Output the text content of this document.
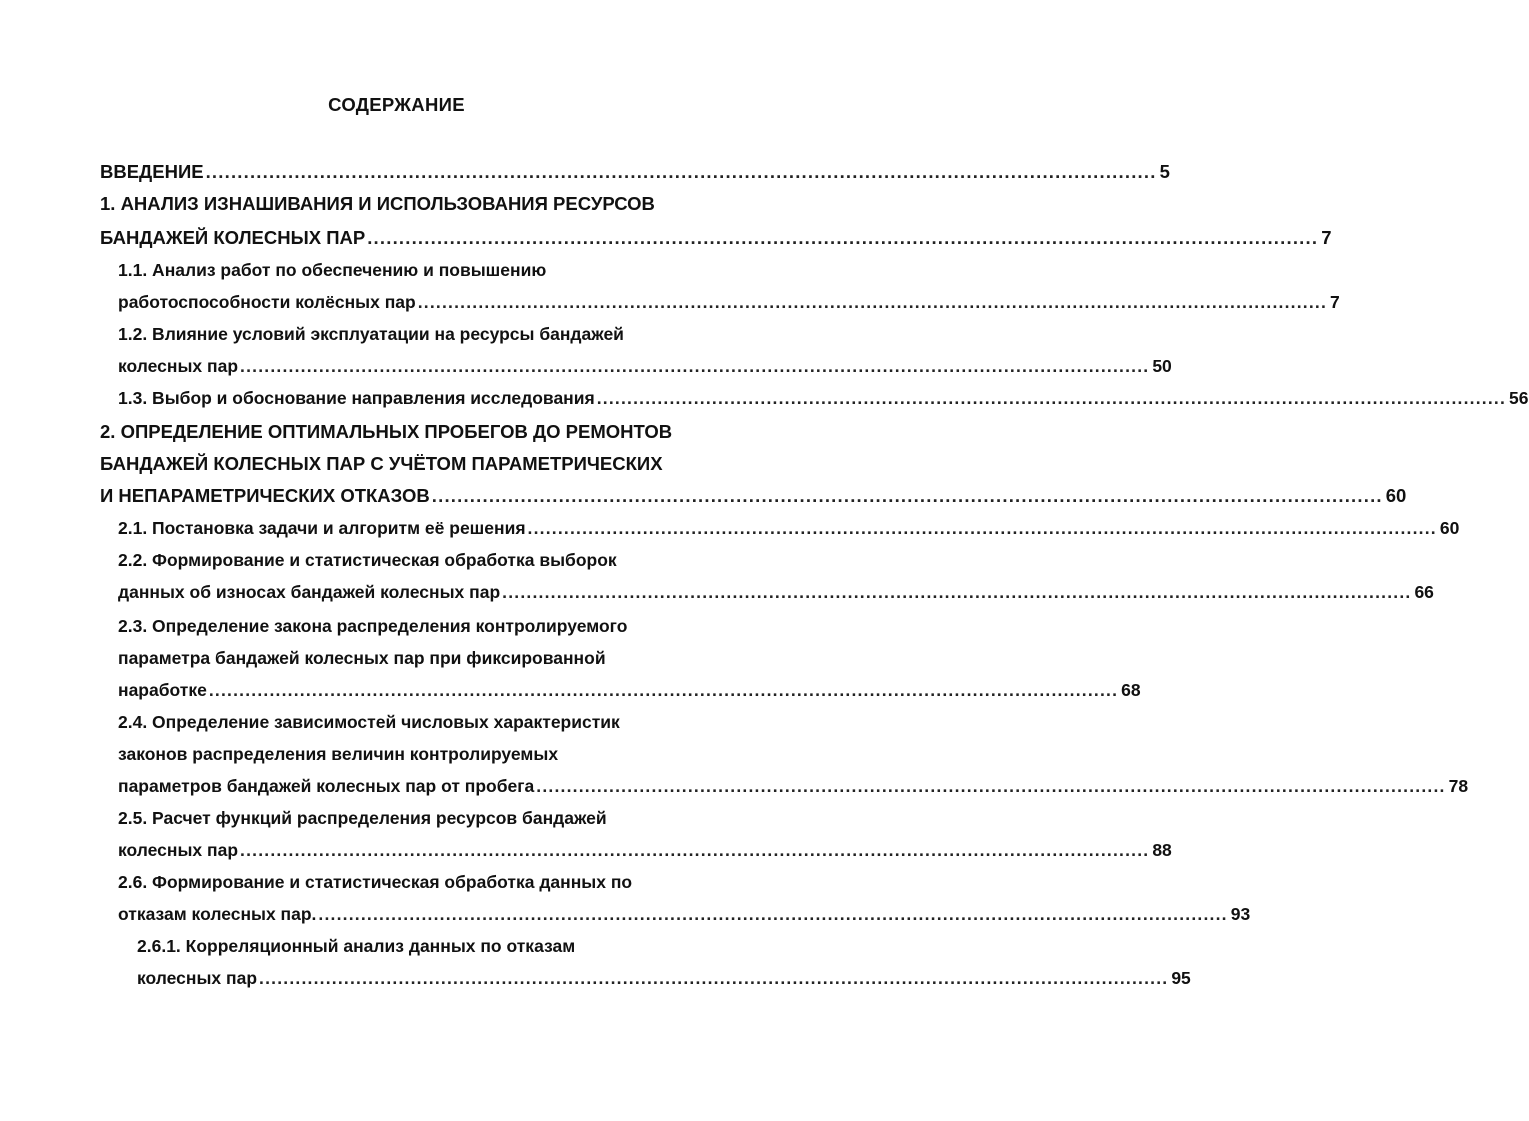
СОДЕРЖАНИЕ
ВВЕДЕНИЕ ...................................................................................................................................................... 5
1. АНАЛИЗ ИЗНАШИВАНИЯ И ИСПОЛЬЗОВАНИЯ РЕСУРСОВ
БАНДАЖЕЙ КОЛЕСНЫХ ПАР ...................................................................................................................................................... 7
1.1. Анализ работ по обеспечению и повышению
работоспособности колёсных пар ...................................................................................................................................................... 7
1.2. Влияние условий эксплуатации на ресурсы бандажей
колесных пар ...................................................................................................................................................... 50
1.3. Выбор и обоснование направления исследования ...................................................................................................................................................... 56
2. ОПРЕДЕЛЕНИЕ ОПТИМАЛЬНЫХ ПРОБЕГОВ ДО РЕМОНТОВ
БАНДАЖЕЙ КОЛЕСНЫХ ПАР С УЧЁТОМ ПАРАМЕТРИЧЕСКИХ
И НЕПАРАМЕТРИЧЕСКИХ ОТКАЗОВ ...................................................................................................................................................... 60
2.1. Постановка задачи и алгоритм её решения ...................................................................................................................................................... 60
2.2. Формирование и статистическая обработка выборок
данных об износах бандажей колесных пар ...................................................................................................................................................... 66
2.3. Определение закона распределения контролируемого
параметра бандажей колесных пар при фиксированной
наработке ...................................................................................................................................................... 68
2.4. Определение зависимостей числовых характеристик
законов распределения величин контролируемых
параметров бандажей колесных пар от пробега ...................................................................................................................................................... 78
2.5. Расчет функций распределения ресурсов бандажей
колесных пар ...................................................................................................................................................... 88
2.6. Формирование и статистическая обработка данных по
отказам колесных пар. ...................................................................................................................................................... 93
2.6.1. Корреляционный анализ данных по отказам
колесных пар ...................................................................................................................................................... 95
